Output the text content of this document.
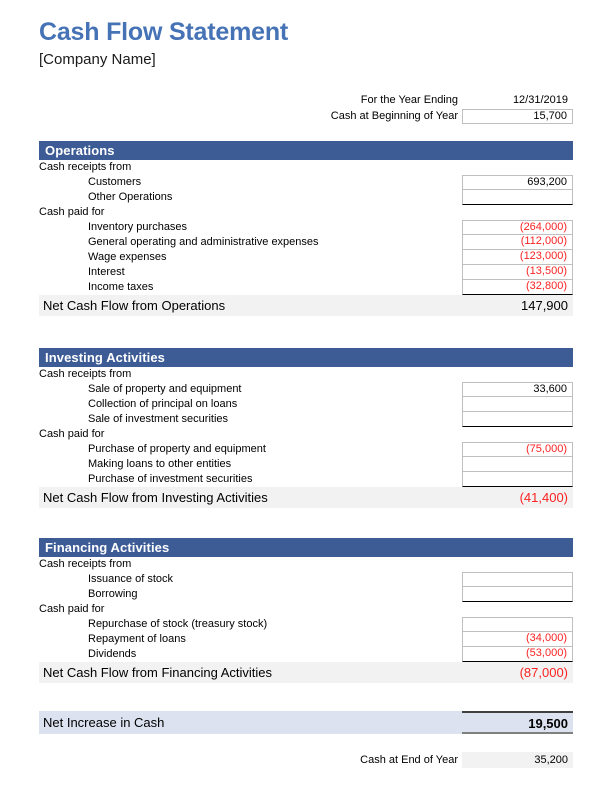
Cash Flow Statement
[Company Name]
For the Year Ending	12/31/2019
Cash at Beginning of Year	15,700
Operations
Cash receipts from
Customers	693,200
Other Operations
Cash paid for
Inventory purchases	(264,000)
General operating and administrative expenses	(112,000)
Wage expenses	(123,000)
Interest	(13,500)
Income taxes	(32,800)
Net Cash Flow from Operations	147,900
Investing Activities
Cash receipts from
Sale of property and equipment	33,600
Collection of principal on loans
Sale of investment securities
Cash paid for
Purchase of property and equipment	(75,000)
Making loans to other entities
Purchase of investment securities
Net Cash Flow from Investing Activities	(41,400)
Financing Activities
Cash receipts from
Issuance of stock
Borrowing
Cash paid for
Repurchase of stock (treasury stock)
Repayment of loans	(34,000)
Dividends	(53,000)
Net Cash Flow from Financing Activities	(87,000)
Net Increase in Cash	19,500
Cash at End of Year	35,200
